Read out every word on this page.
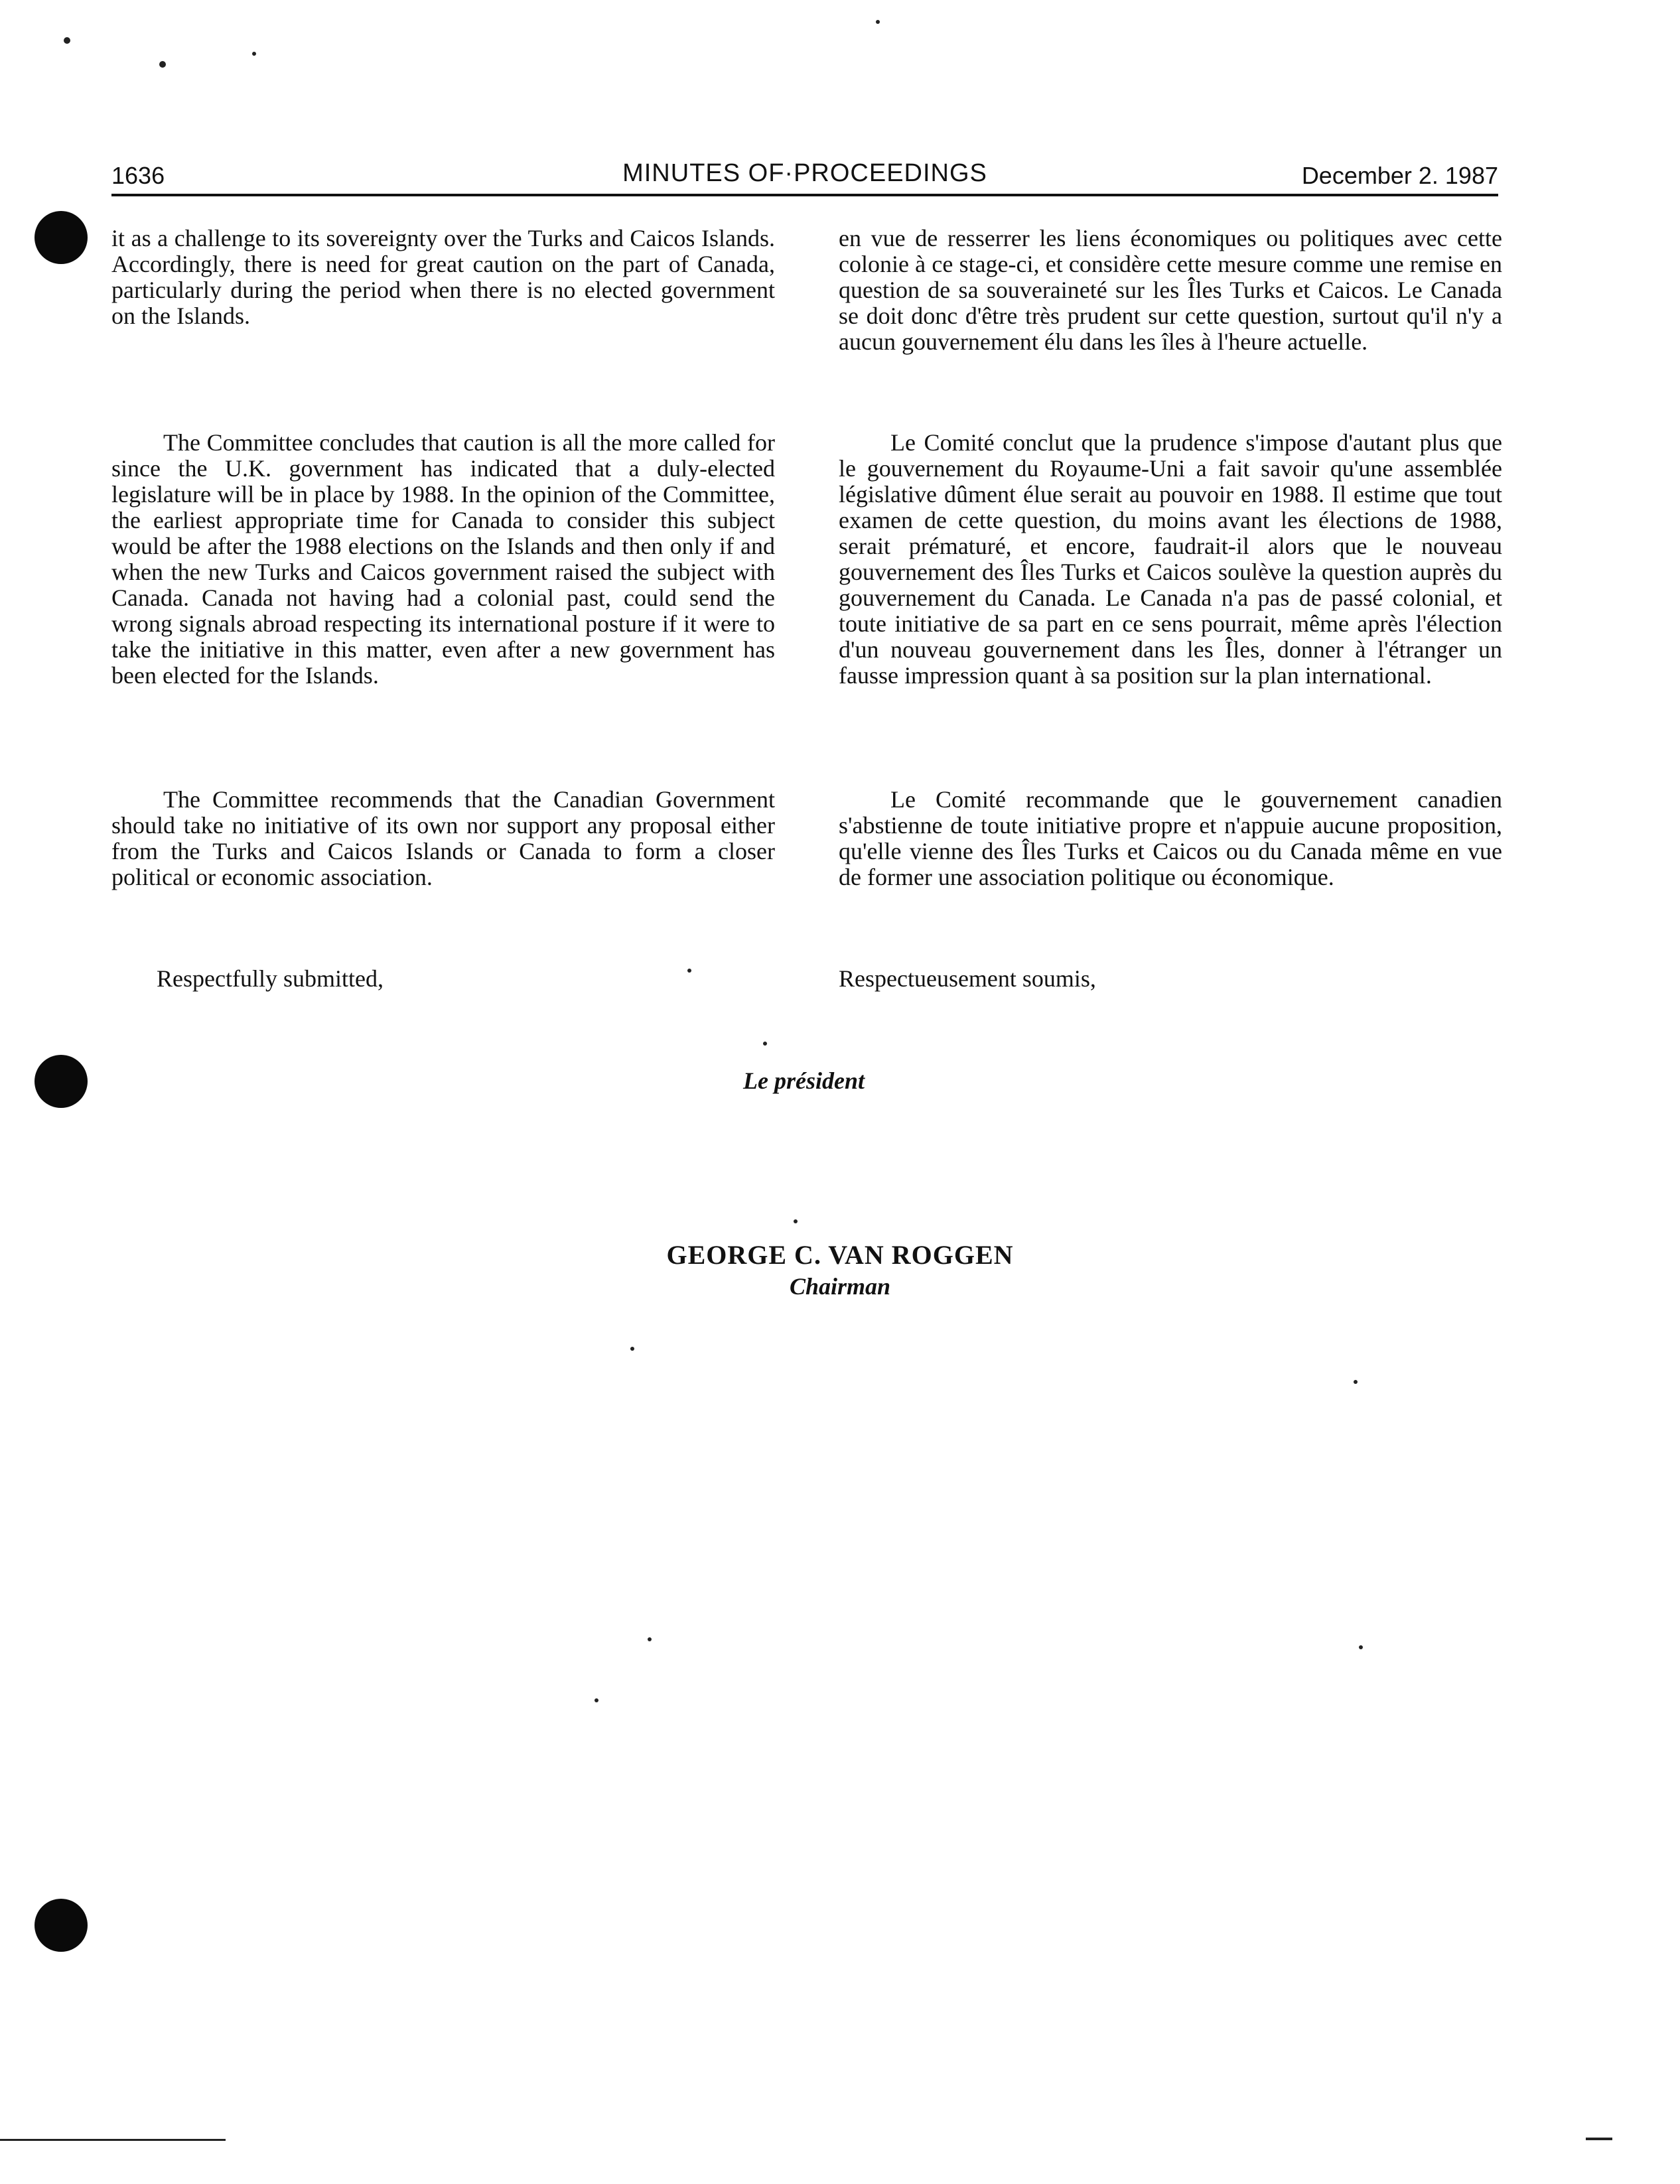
1636	MINUTES OF·PROCEEDINGS	December 2. 1987

it as a challenge to its sovereignty over the Turks and Caicos Islands. Accordingly, there is need for great caution on the part of Canada, particularly during the period when there is no elected government on the Islands.

The Committee concludes that caution is all the more called for since the U.K. government has indicated that a duly-elected legislature will be in place by 1988. In the opinion of the Committee, the earliest appropriate time for Canada to consider this subject would be after the 1988 elections on the Islands and then only if and when the new Turks and Caicos government raised the subject with Canada. Canada not having had a colonial past, could send the wrong signals abroad respecting its international posture if it were to take the initiative in this matter, even after a new government has been elected for the Islands.

The Committee recommends that the Canadian Government should take no initiative of its own nor support any proposal either from the Turks and Caicos Islands or Canada to form a closer political or economic association.

en vue de resserrer les liens économiques ou politiques avec cette colonie à ce stage-ci, et considère cette mesure comme une remise en question de sa souveraineté sur les Îles Turks et Caicos. Le Canada se doit donc d'être très prudent sur cette question, surtout qu'il n'y a aucun gouvernement élu dans les îles à l'heure actuelle.

Le Comité conclut que la prudence s'impose d'autant plus que le gouvernement du Royaume-Uni a fait savoir qu'une assemblée législative dûment élue serait au pouvoir en 1988. Il estime que tout examen de cette question, du moins avant les élections de 1988, serait prématuré, et encore, faudrait-il alors que le nouveau gouvernement des Îles Turks et Caicos soulève la question auprès du gouvernement du Canada. Le Canada n'a pas de passé colonial, et toute initiative de sa part en ce sens pourrait, même après l'élection d'un nouveau gouvernement dans les Îles, donner à l'étranger un fausse impression quant à sa position sur la plan international.

Le Comité recommande que le gouvernement canadien s'abstienne de toute initiative propre et n'appuie aucune proposition, qu'elle vienne des Îles Turks et Caicos ou du Canada même en vue de former une association politique ou économique.

Respectfully submitted,	Respectueusement soumis,
Le président
GEORGE C. VAN ROGGEN
Chairman
